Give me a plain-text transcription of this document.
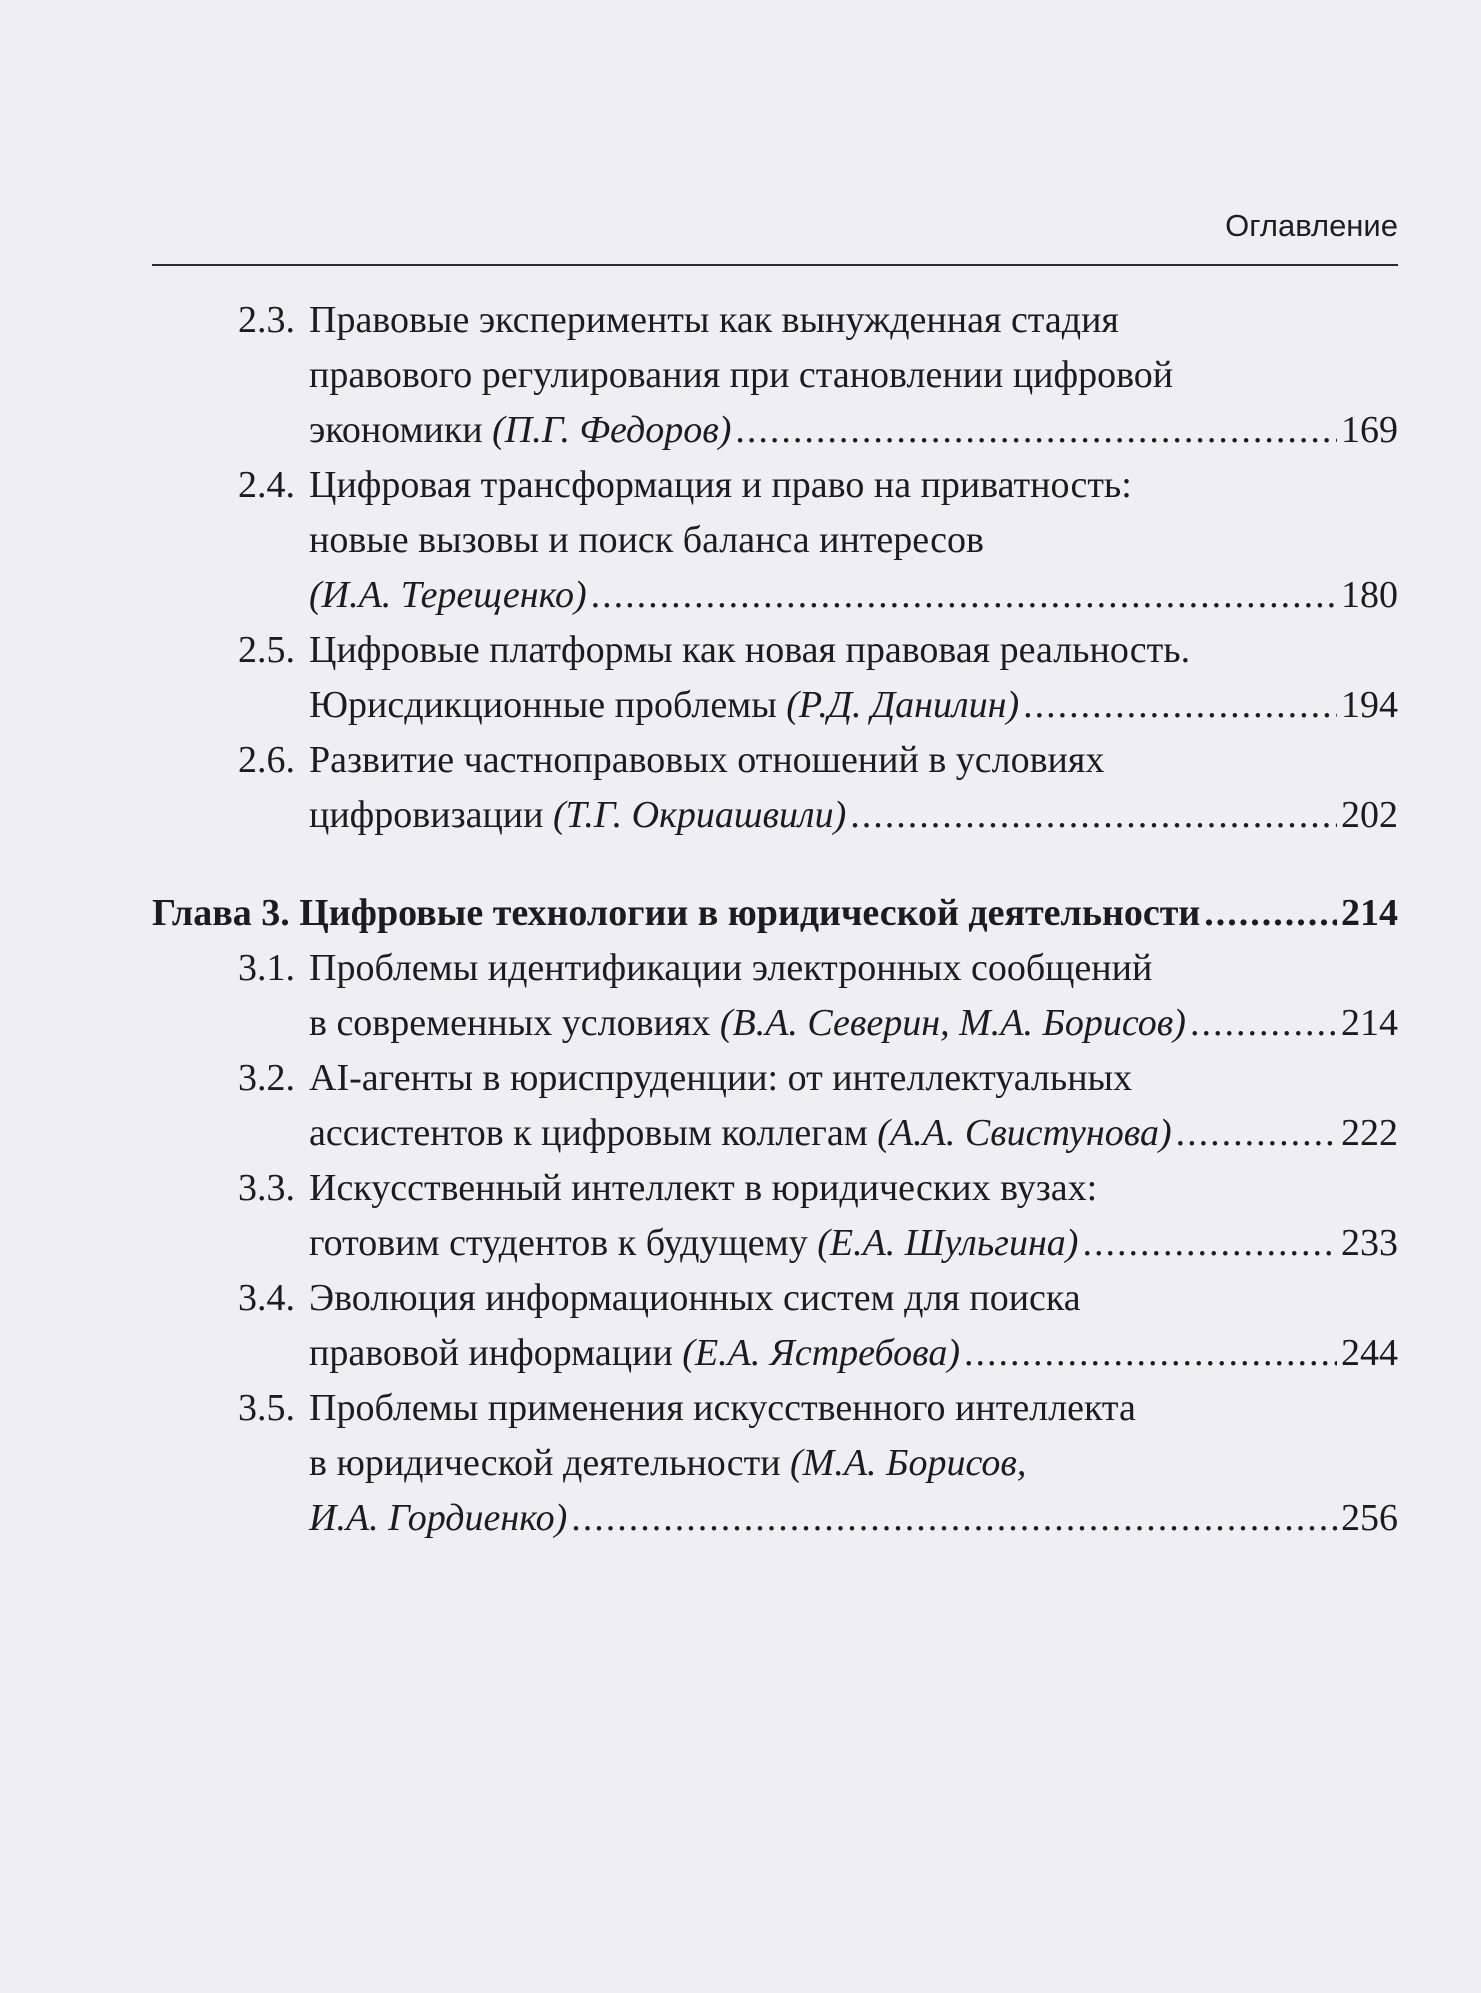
Оглавление
2.3. Правовые эксперименты как вынужденная стадия
правового регулирования при становлении цифровой
экономики
(П.Г. Федоров) .....	169
2.4. Цифровая трансформация и право на приватность:
новые вызовы и поиск баланса интересов
(И.А. Терещенко) .....	180
2.5. Цифровые платформы как новая правовая реальность.
Юрисдикционные проблемы
(Р.Д. Данилин) .....	194
2.6. Развитие частноправовых отношений в условиях
цифровизации
(Т.Г. Окриашвили) .....	202
Глава 3. Цифровые технологии в юридической деятельности .....	214
3.1. Проблемы идентификации электронных сообщений
в современных условиях
(В.А. Северин, М.А. Борисов) .....	214
3.2. AI-агенты в юриспруденции: от интеллектуальных
ассистентов к цифровым коллегам
(А.А. Свистунова) .....	222
3.3. Искусственный интеллект в юридических вузах:
готовим студентов к будущему
(Е.А. Шульгина) .....	233
3.4. Эволюция информационных систем для поиска
правовой информации
(Е.А. Ястребова) .....	244
3.5. Проблемы применения искусственного интеллекта
в юридической деятельности (М.А. Борисов,
И.А. Гордиенко) .....	256
